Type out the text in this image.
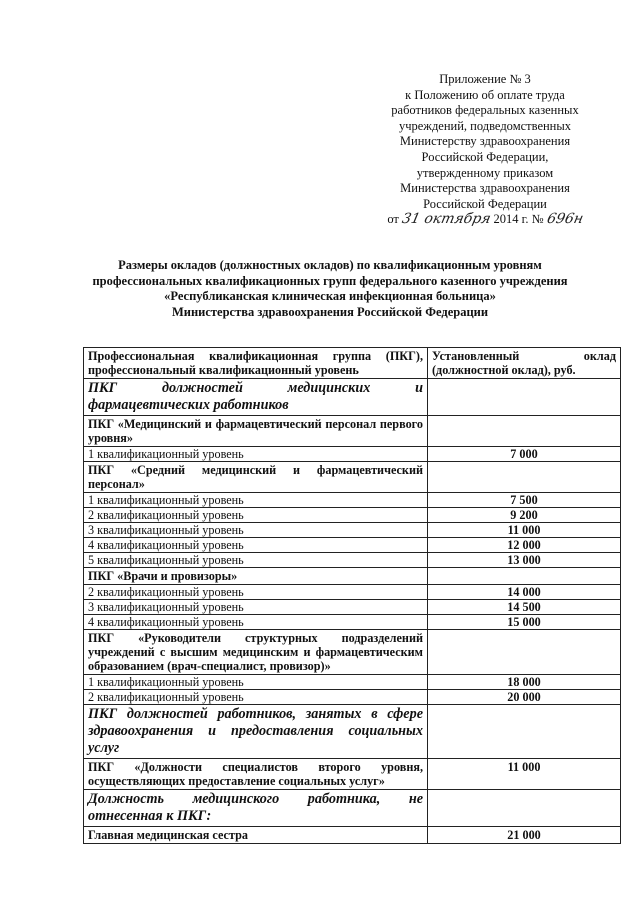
Приложение № 3
к Положению об оплате труда
работников федеральных казенных
учреждений, подведомственных
Министерству здравоохранения
Российской Федерации,
утвержденному приказом
Министерства здравоохранения
Российской Федерации
от 31 октября 2014 г. № 696н
Размеры окладов (должностных окладов) по квалификационным уровням
профессиональных квалификационных групп федерального казенного учреждения
«Республиканская клиническая инфекционная больница»
Министерства здравоохранения Российской Федерации
Профессиональная квалификационная группа (ПКГ), профессиональный квалификационный уровень	Установленный оклад (должностной оклад), руб.
ПКГ должностей медицинских и фармацевтических работников	
ПКГ «Медицинский и фармацевтический персонал первого уровня»	
1 квалификационный уровень	7 000
ПКГ «Средний медицинский и фармацевтический персонал»	
1 квалификационный уровень	7 500
2 квалификационный уровень	9 200
3 квалификационный уровень	11 000
4 квалификационный уровень	12 000
5 квалификационный уровень	13 000
ПКГ «Врачи и провизоры»	
2 квалификационный уровень	14 000
3 квалификационный уровень	14 500
4 квалификационный уровень	15 000
ПКГ «Руководители структурных подразделений учреждений с высшим медицинским и фармацевтическим образованием (врач-специалист, провизор)»	
1 квалификационный уровень	18 000
2 квалификационный уровень	20 000
ПКГ должностей работников, занятых в сфере здравоохранения и предоставления социальных услуг	
ПКГ «Должности специалистов второго уровня, осуществляющих предоставление социальных услуг»	11 000
Должность медицинского работника, не отнесенная к ПКГ:	
Главная медицинская сестра	21 000
